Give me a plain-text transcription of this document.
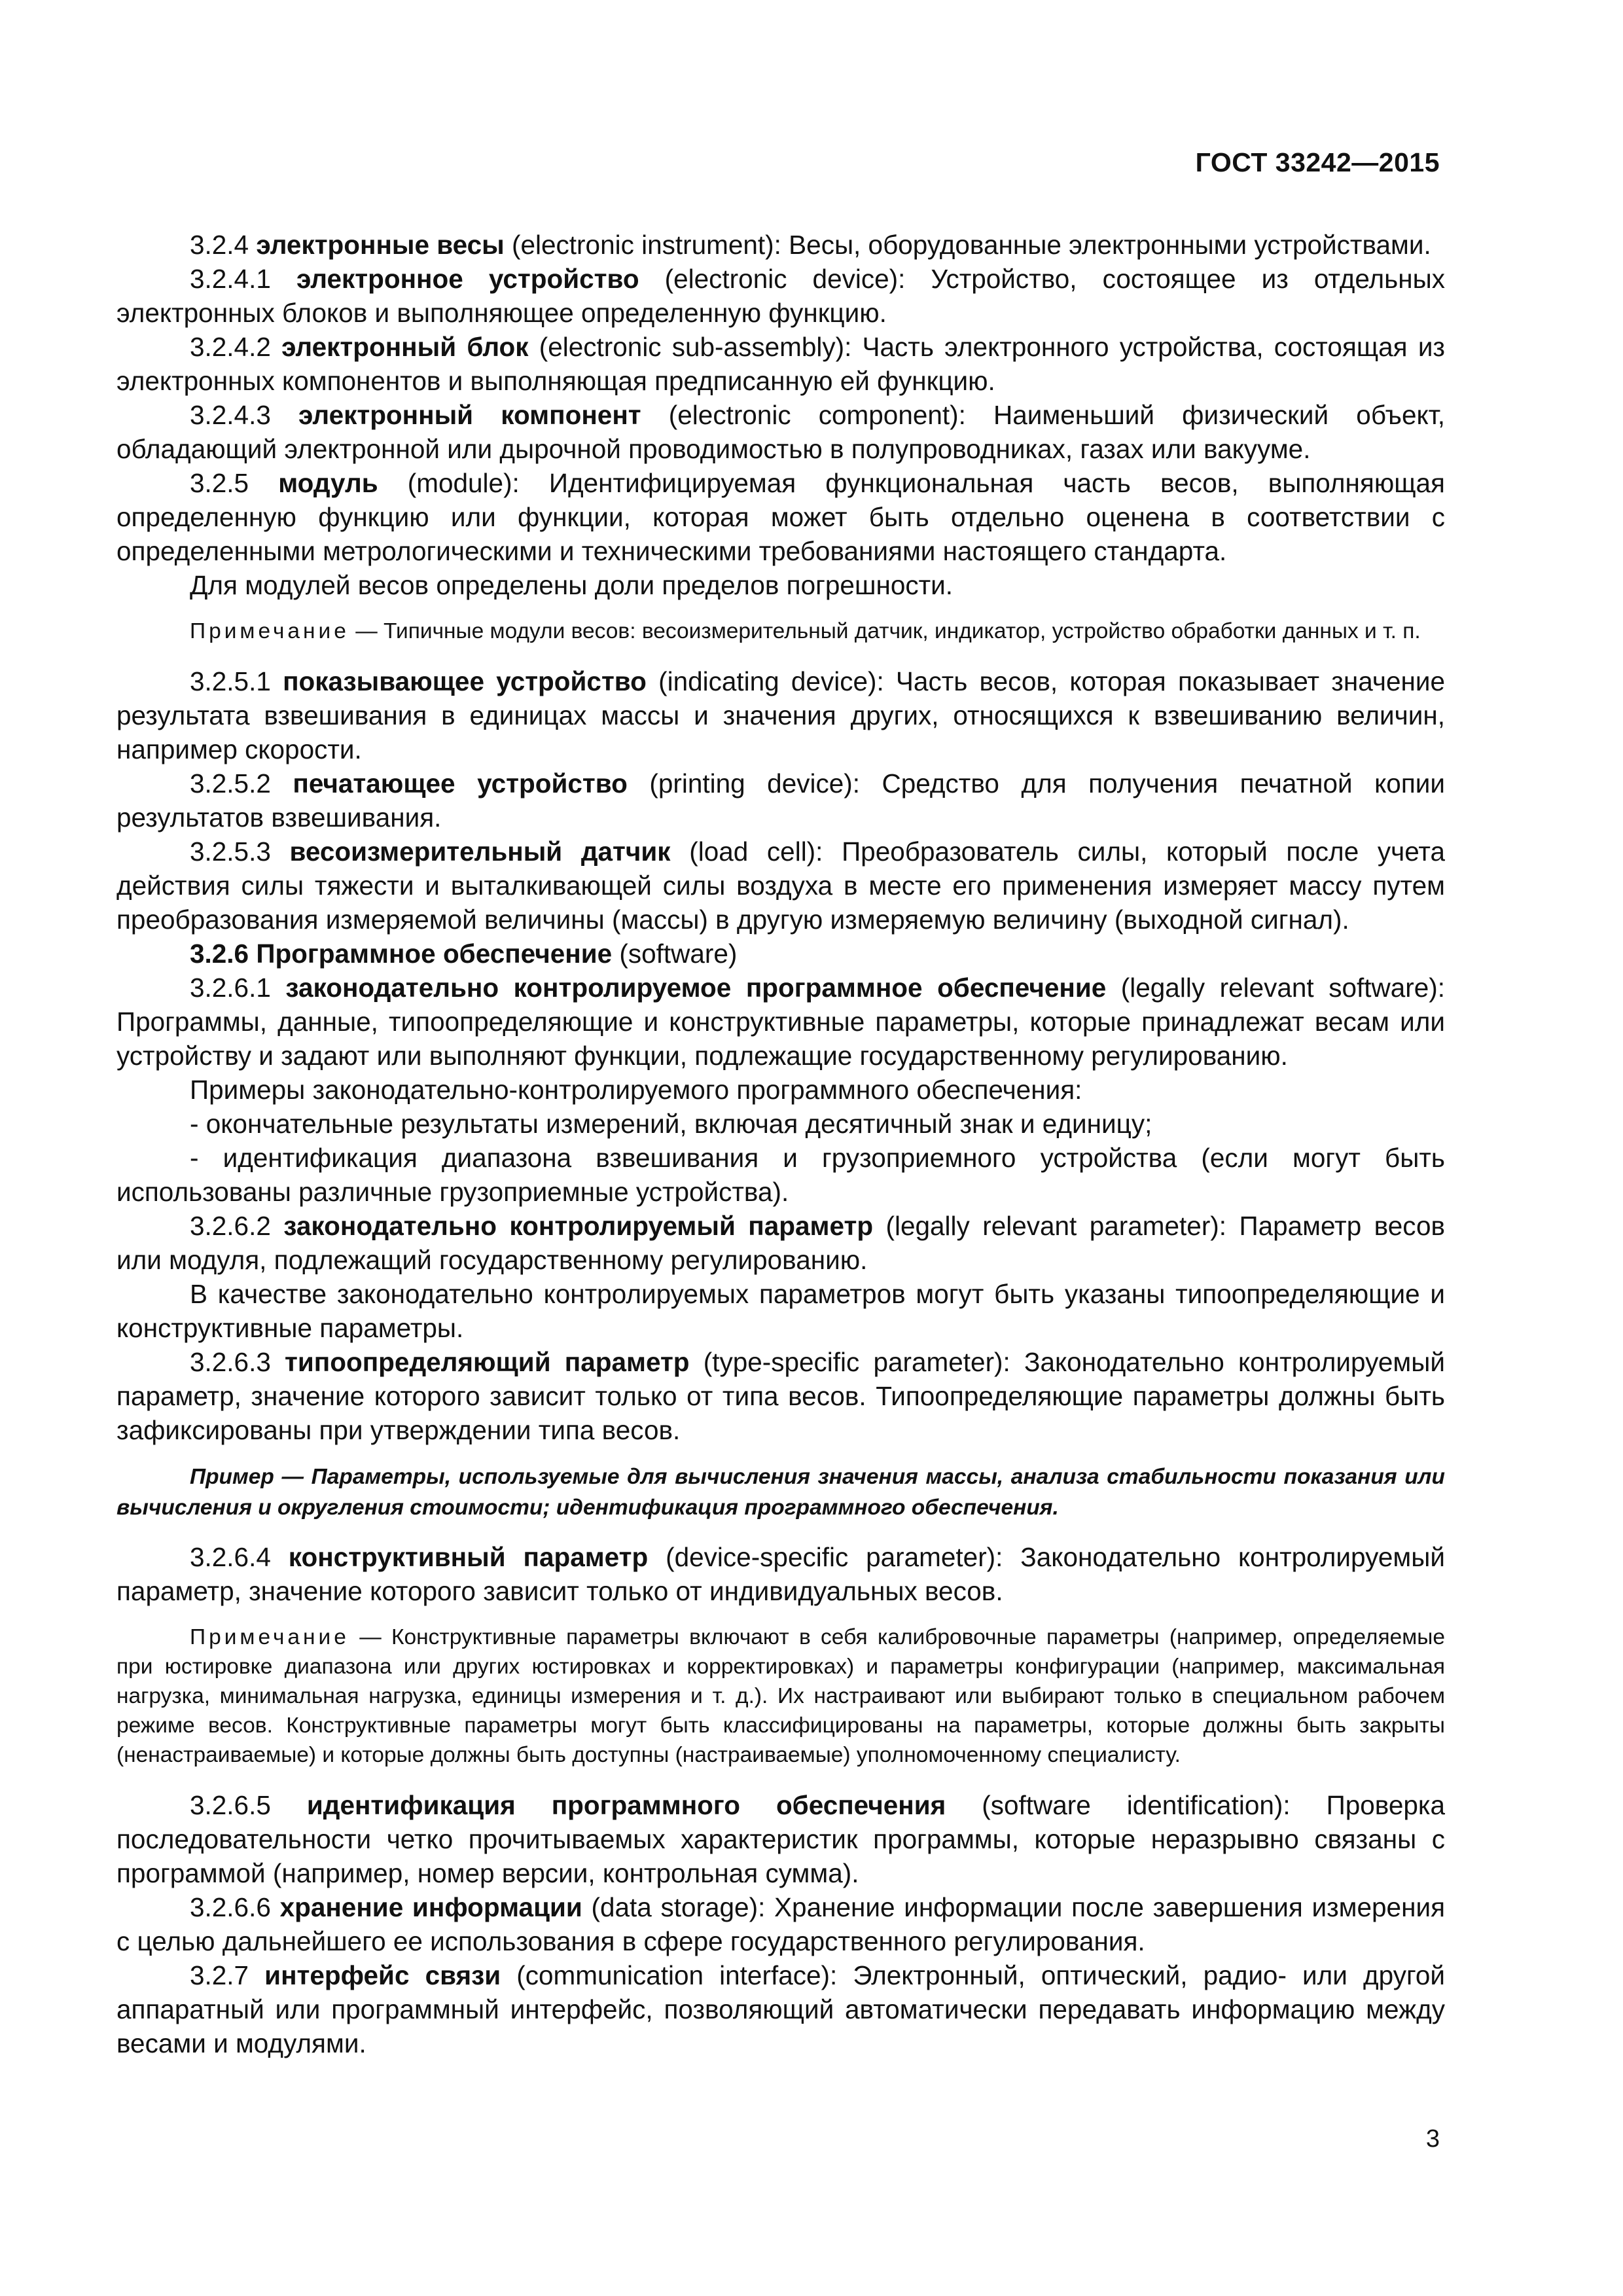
ГОСТ 33242—2015

3.2.4 электронные весы (electronic instrument): Весы, оборудованные электронными устройствами.

3.2.4.1 электронное устройство (electronic device): Устройство, состоящее из отдельных электронных блоков и выполняющее определенную функцию.

3.2.4.2 электронный блок (electronic sub-assembly): Часть электронного устройства, состоящая из электронных компонентов и выполняющая предписанную ей функцию.

3.2.4.3 электронный компонент (electronic component): Наименьший физический объект, обладающий электронной или дырочной проводимостью в полупроводниках, газах или вакууме.

3.2.5 модуль (module): Идентифицируемая функциональная часть весов, выполняющая определенную функцию или функции, которая может быть отдельно оценена в соответствии с определенными метрологическими и техническими требованиями настоящего стандарта.

Для модулей весов определены доли пределов погрешности.

Примечание — Типичные модули весов: весоизмерительный датчик, индикатор, устройство обработки данных и т. п.

3.2.5.1 показывающее устройство (indicating device): Часть весов, которая показывает значение результата взвешивания в единицах массы и значения других, относящихся к взвешиванию величин, например скорости.

3.2.5.2 печатающее устройство (printing device): Средство для получения печатной копии результатов взвешивания.

3.2.5.3 весоизмерительный датчик (load cell): Преобразователь силы, который после учета действия силы тяжести и выталкивающей силы воздуха в месте его применения измеряет массу путем преобразования измеряемой величины (массы) в другую измеряемую величину (выходной сигнал).

3.2.6 Программное обеспечение (software)

3.2.6.1 законодательно контролируемое программное обеспечение (legally relevant software): Программы, данные, типоопределяющие и конструктивные параметры, которые принадлежат весам или устройству и задают или выполняют функции, подлежащие государственному регулированию.

Примеры законодательно-контролируемого программного обеспечения:

- окончательные результаты измерений, включая десятичный знак и единицу;

- идентификация диапазона взвешивания и грузоприемного устройства (если могут быть использованы различные грузоприемные устройства).

3.2.6.2 законодательно контролируемый параметр (legally relevant parameter): Параметр весов или модуля, подлежащий государственному регулированию.

В качестве законодательно контролируемых параметров могут быть указаны типоопределяющие и конструктивные параметры.

3.2.6.3 типоопределяющий параметр (type-specific parameter): Законодательно контролируемый параметр, значение которого зависит только от типа весов. Типоопределяющие параметры должны быть зафиксированы при утверждении типа весов.

Пример — Параметры, используемые для вычисления значения массы, анализа стабильности показания или вычисления и округления стоимости; идентификация программного обеспечения.

3.2.6.4 конструктивный параметр (device-specific parameter): Законодательно контролируемый параметр, значение которого зависит только от индивидуальных весов.

Примечание — Конструктивные параметры включают в себя калибровочные параметры (например, определяемые при юстировке диапазона или других юстировках и корректировках) и параметры конфигурации (например, максимальная нагрузка, минимальная нагрузка, единицы измерения и т. д.). Их настраивают или выбирают только в специальном рабочем режиме весов. Конструктивные параметры могут быть классифицированы на параметры, которые должны быть закрыты (ненастраиваемые) и которые должны быть доступны (настраиваемые) уполномоченному специалисту.

3.2.6.5 идентификация программного обеспечения (software identification): Проверка последовательности четко прочитываемых характеристик программы, которые неразрывно связаны с программой (например, номер версии, контрольная сумма).

3.2.6.6 хранение информации (data storage): Хранение информации после завершения измерения с целью дальнейшего ее использования в сфере государственного регулирования.

3.2.7 интерфейс связи (communication interface): Электронный, оптический, радио- или другой аппаратный или программный интерфейс, позволяющий автоматически передавать информацию между весами и модулями.

3
